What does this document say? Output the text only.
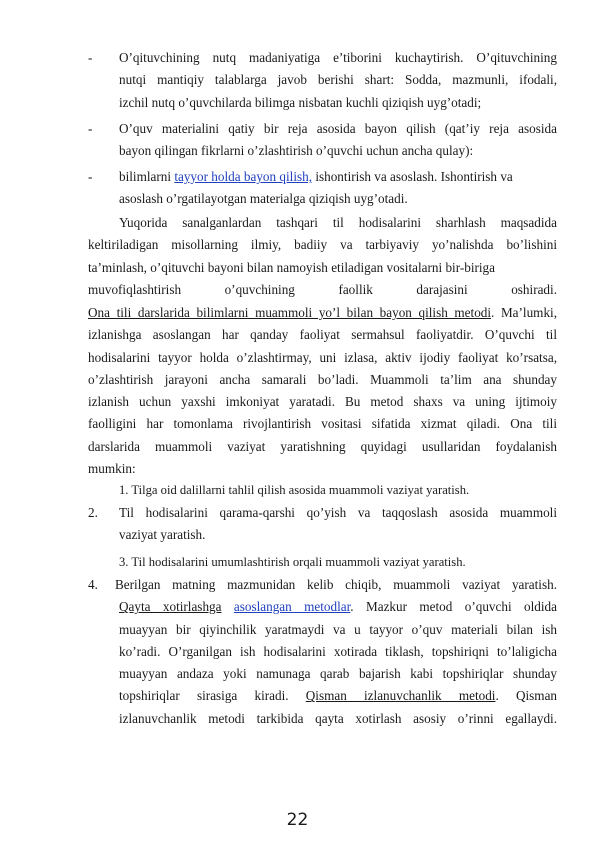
- O’qituvchining nutq madaniyatiga e’tiborini kuchaytirish. O’qituvchining
nutqi mantiqiy talablarga javob berishi shart: Sodda, mazmunli, ifodali,
izchil nutq o’quvchilarda bilimga nisbatan kuchli qiziqish uyg’otadi;
- O’quv materialini qatiy bir reja asosida bayon qilish (qat’iy reja asosida
bayon qilingan fikrlarni o’zlashtirish o’quvchi uchun ancha qulay):
- bilimlarni tayyor holda bayon qilish, ishontirish va asoslash. Ishontirish va
asoslash o’rgatilayotgan materialga qiziqish uyg’otadi.
Yuqorida sanalganlardan tashqari til hodisalarini sharhlash maqsadida
keltiriladigan misollarning ilmiy, badiiy va tarbiyaviy yo’nalishda bo’lishini
ta’minlash, o’qituvchi bayoni bilan namoyish etiladigan vositalarni bir-biriga
muvofiqlashtirish o’quvchining faollik darajasini oshiradi.
Ona tili darslarida bilimlarni muammoli yo’l bilan bayon qilish metodi. Ma’lumki,
izlanishga asoslangan har qanday faoliyat sermahsul faoliyatdir. O’quvchi til
hodisalarini tayyor holda o’zlashtirmay, uni izlasa, aktiv ijodiy faoliyat ko’rsatsa,
o’zlashtirish jarayoni ancha samarali bo’ladi. Muammoli ta’lim ana shunday
izlanish uchun yaxshi imkoniyat yaratadi. Bu metod shaxs va uning ijtimoiy
faolligini har tomonlama rivojlantirish vositasi sifatida xizmat qiladi. Ona tili
darslarida muammoli vaziyat yaratishning quyidagi usullaridan foydalanish
mumkin:
1. Tilga oid dalillarni tahlil qilish asosida muammoli vaziyat yaratish.
2. Til hodisalarini qarama-qarshi qo’yish va taqqoslash asosida muammoli
vaziyat yaratish.
3. Til hodisalarini umumlashtirish orqali muammoli vaziyat yaratish.
4. Berilgan matning mazmunidan kelib chiqib, muammoli vaziyat yaratish.
Qayta xotirlashga asoslangan metodlar. Mazkur metod o’quvchi oldida
muayyan bir qiyinchilik yaratmaydi va u tayyor o’quv materiali bilan ish
ko’radi. O’rganilgan ish hodisalarini xotirada tiklash, topshiriqni to’laligicha
muayyan andaza yoki namunaga qarab bajarish kabi topshiriqlar shunday
topshiriqlar sirasiga kiradi. Qisman izlanuvchanlik metodi. Qisman
izlanuvchanlik metodi tarkibida qayta xotirlash asosiy o’rinni egallaydi.
22
